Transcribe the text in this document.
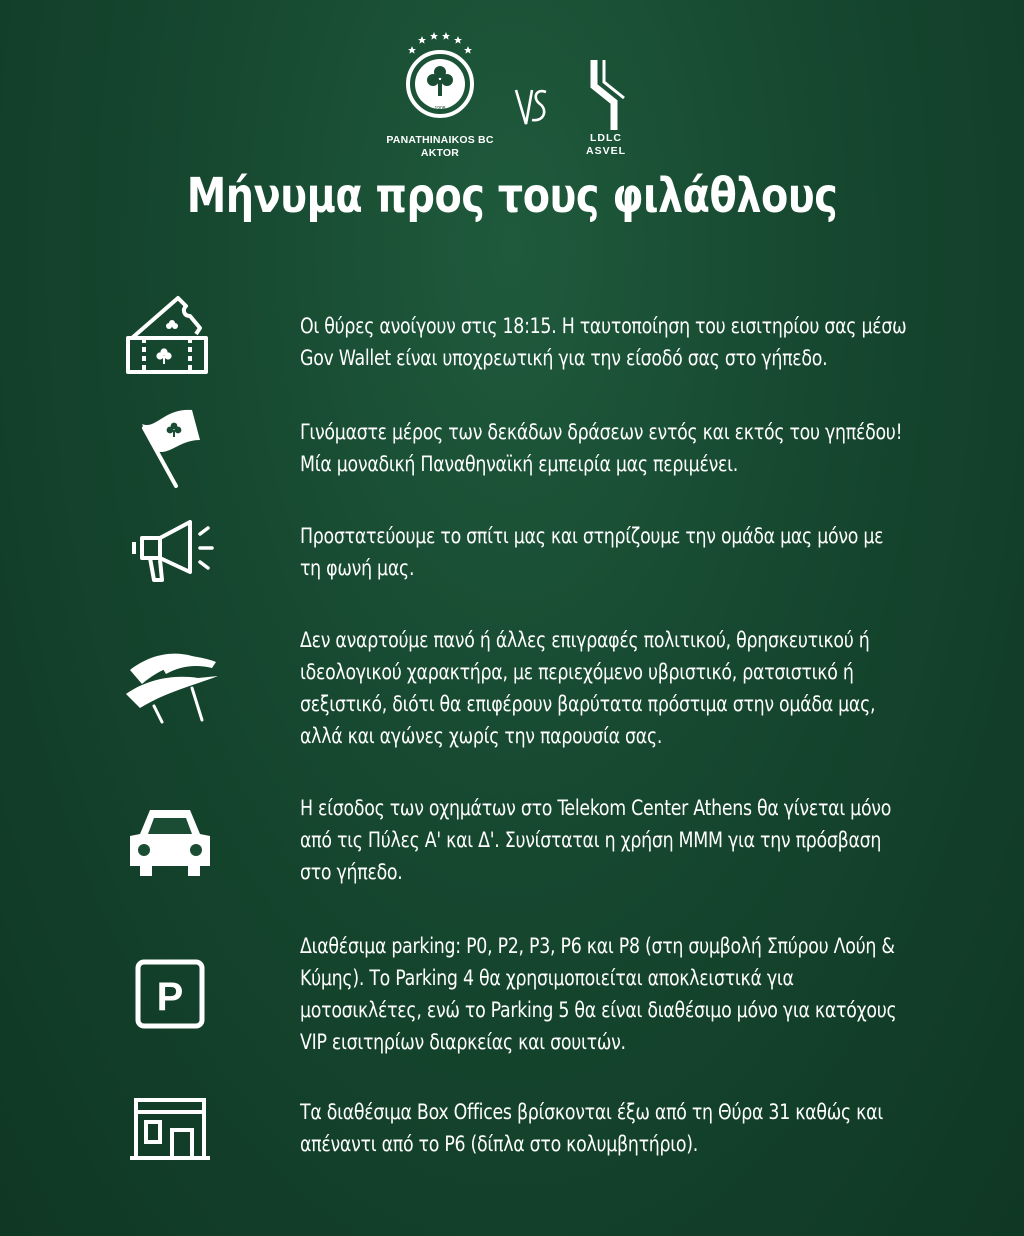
1908
PANATHINAIKOS BC
AKTOR
LDLC
ASVEL
Μήνυμα προς τους φιλάθλους
Οι θύρες ανοίγουν στις 18:15. Η ταυτοποίηση του εισιτηρίου σας μέσω Gov Wallet είναι υποχρεωτική για την είσοδό σας στο γήπεδο.
Γινόμαστε μέρος των δεκάδων δράσεων εντός και εκτός του γηπέδου! Μία μοναδική Παναθηναϊκή εμπειρία μας περιμένει.
Προστατεύουμε το σπίτι μας και στηρίζουμε την ομάδα μας μόνο με τη φωνή μας.
Δεν αναρτούμε πανό ή άλλες επιγραφές πολιτικού, θρησκευτικού ή ιδεολογικού χαρακτήρα, με περιεχόμενο υβριστικό, ρατσιστικό ή σεξιστικό, διότι θα επιφέρουν βαρύτατα πρόστιμα στην ομάδα μας, αλλά και αγώνες χωρίς την παρουσία σας.
Η είσοδος των οχημάτων στο Telekom Center Athens θα γίνεται μόνο από τις Πύλες Α' και Δ'. Συνίσταται η χρήση ΜΜΜ για την πρόσβαση στο γήπεδο.
P
Διαθέσιμα parking: P0, P2, P3, P6 και P8 (στη συμβολή Σπύρου Λούη & Κύμης). Το Parking 4 θα χρησιμοποιείται αποκλειστικά για μοτοσικλέτες, ενώ το Parking 5 θα είναι διαθέσιμο μόνο για κατόχους VIP εισιτηρίων διαρκείας και σουιτών.
Τα διαθέσιμα Box Offices βρίσκονται έξω από τη Θύρα 31 καθώς και απέναντι από το P6 (δίπλα στο κολυμβητήριο).
